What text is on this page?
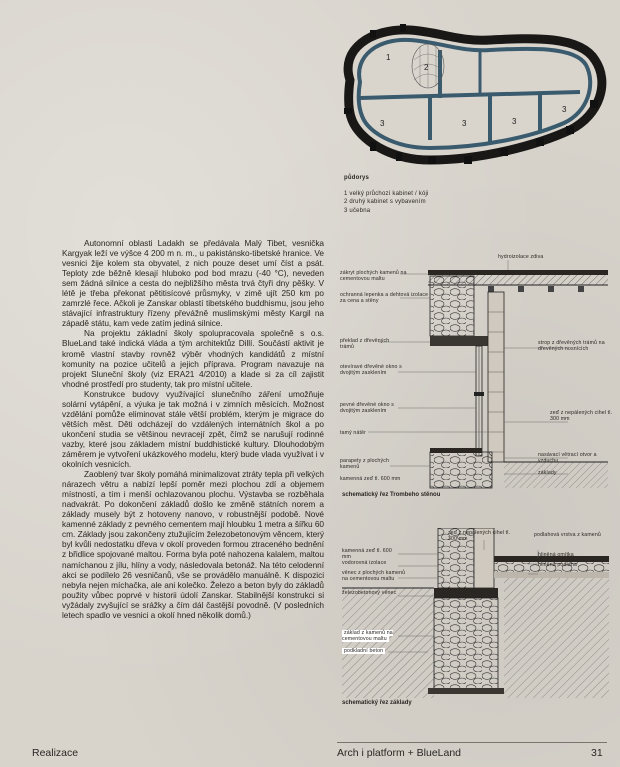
1
2
3	3	3
3
půdorys
1 velký průchozí kabinet / kóji
2 druhý kabinet s vybavením
3 učebna

Autonomní oblasti Ladakh se předávala Malý Tibet, vesnička Kargyak leží ve výšce 4 200 m n. m., u pakistánsko-tibetské hranice. Ve vesnici žije kolem sta obyvatel, z nich pouze deset umí číst a psát. Teploty zde běžně klesají hluboko pod bod mrazu (-40 °C), neveden sem žádná silnice a cesta do nejbližšího města trvá čtyři dny pěšky. V létě je třeba překonat pětitisícové průsmyky, v zimě ujít 250 km po zamrzlé řece. Ačkoli je Zanskar oblastí tibetského buddhismu, jsou jeho stávající infrastruktury řízeny převážně muslimskými městy Kargil na západě státu, kam vede zatím jediná silnice.

Na projektu základní školy spolupracovala společně s o.s. BlueLand také indická vláda a tým architektůz Dillí. Součástí aktivit je kromě vlastní stavby rovněž výběr vhodných kandidátů z místní komunity na pozice učitelů a jejich příprava. Program navazuje na projekt Sluneční školy (viz ERA21 4/2010) a klade si za cíl zajistit vhodné prostředí pro studenty, tak pro místní učitele.

Konstrukce budovy využívající slunečního záření umožňuje solární vytápění, a výuka je tak možná i v zimních měsících. Možnost vzdělání pomůže eliminovat stále větší problém, kterým je migrace do větších měst. Děti odcházejí do vzdálených internátních škol a po ukončení studia se většinou nevracejí zpět, čímž se narušují rodinné vazby, které jsou základem místní buddhistické kultury. Dlouhodobým záměrem je vytvoření ukázkového modelu, který bude vlada využívat i v okolních vesnicích.

Zaoblený tvar školy pomáhá minimalizovat ztráty tepla při velkých nárazech větru a nabízí lepší poměr mezi plochou zdí a objemem místností, a tím i menší ochlazovanou plochu. Výstavba se rozběhala nadvakrát. Po dokončení základů došlo ke změně státních norem a základy musely být z hotoveny nanovo, v robustnější podobě. Nové kamenné základy z pevného cementem mají hloubku 1 metra a šířku 60 cm. Základy jsou zakončeny ztužujícím železobetonovým věncem, který byl kvůli nedostatku dřeva v okolí proveden formou ztraceného bednění z břidlice spojované maltou. Forma byla poté nahozena kalalem, maltou namíchanou z jílu, hlíny a vody, následovala betonáž. Na této celodenní akci se podílelo 26 vesničanů, vše se provádělo manuálně. K dispozici nebyla nejen míchačka, ale ani kolečko. Železo a beton byly do základů použity vůbec poprvé v historii údolí Zanskar. Stabilnější konstrukci si vyžádaly zvyšující se srážky a čím dál častější povodně. (V posledních letech spadlo ve vesnici a okolí hned několik domů.)

zákryt plochých kamenů na cementovou maltu
ochranná lepenka a dehtová izolace za cena a stěny
překlad z dřevěných trámů
otevíravé dřevěné okno s dvojitým zasklením
pevné dřevěné okno s dvojitým zasklením
tamý nátěr
parapety z plochých kamenů
kamenná zeď tl. 600 mm
hydroizolace zdiva
strop z dřevěných trámů na dřevěných nosnících
zeď z nepálených cihel tl. 300 mm
nasávací větrací otvor a vzduchu
základy
schematický řez Trombeho stěnou
kamenná zeď tl. 600 mm
vodorovná izolace
věnec z plochých kamenů na cementovou maltu
železobetonový věnec
základ z kamenů na cementovou maltu
podkladní beton
zeď z nepálených cihel tl. 300 mm
podlahová vrstva z kamenů
hliněná omítka
hliněná podlaha
schematický řez základy
Realizace	Arch i platform + BlueLand	31
